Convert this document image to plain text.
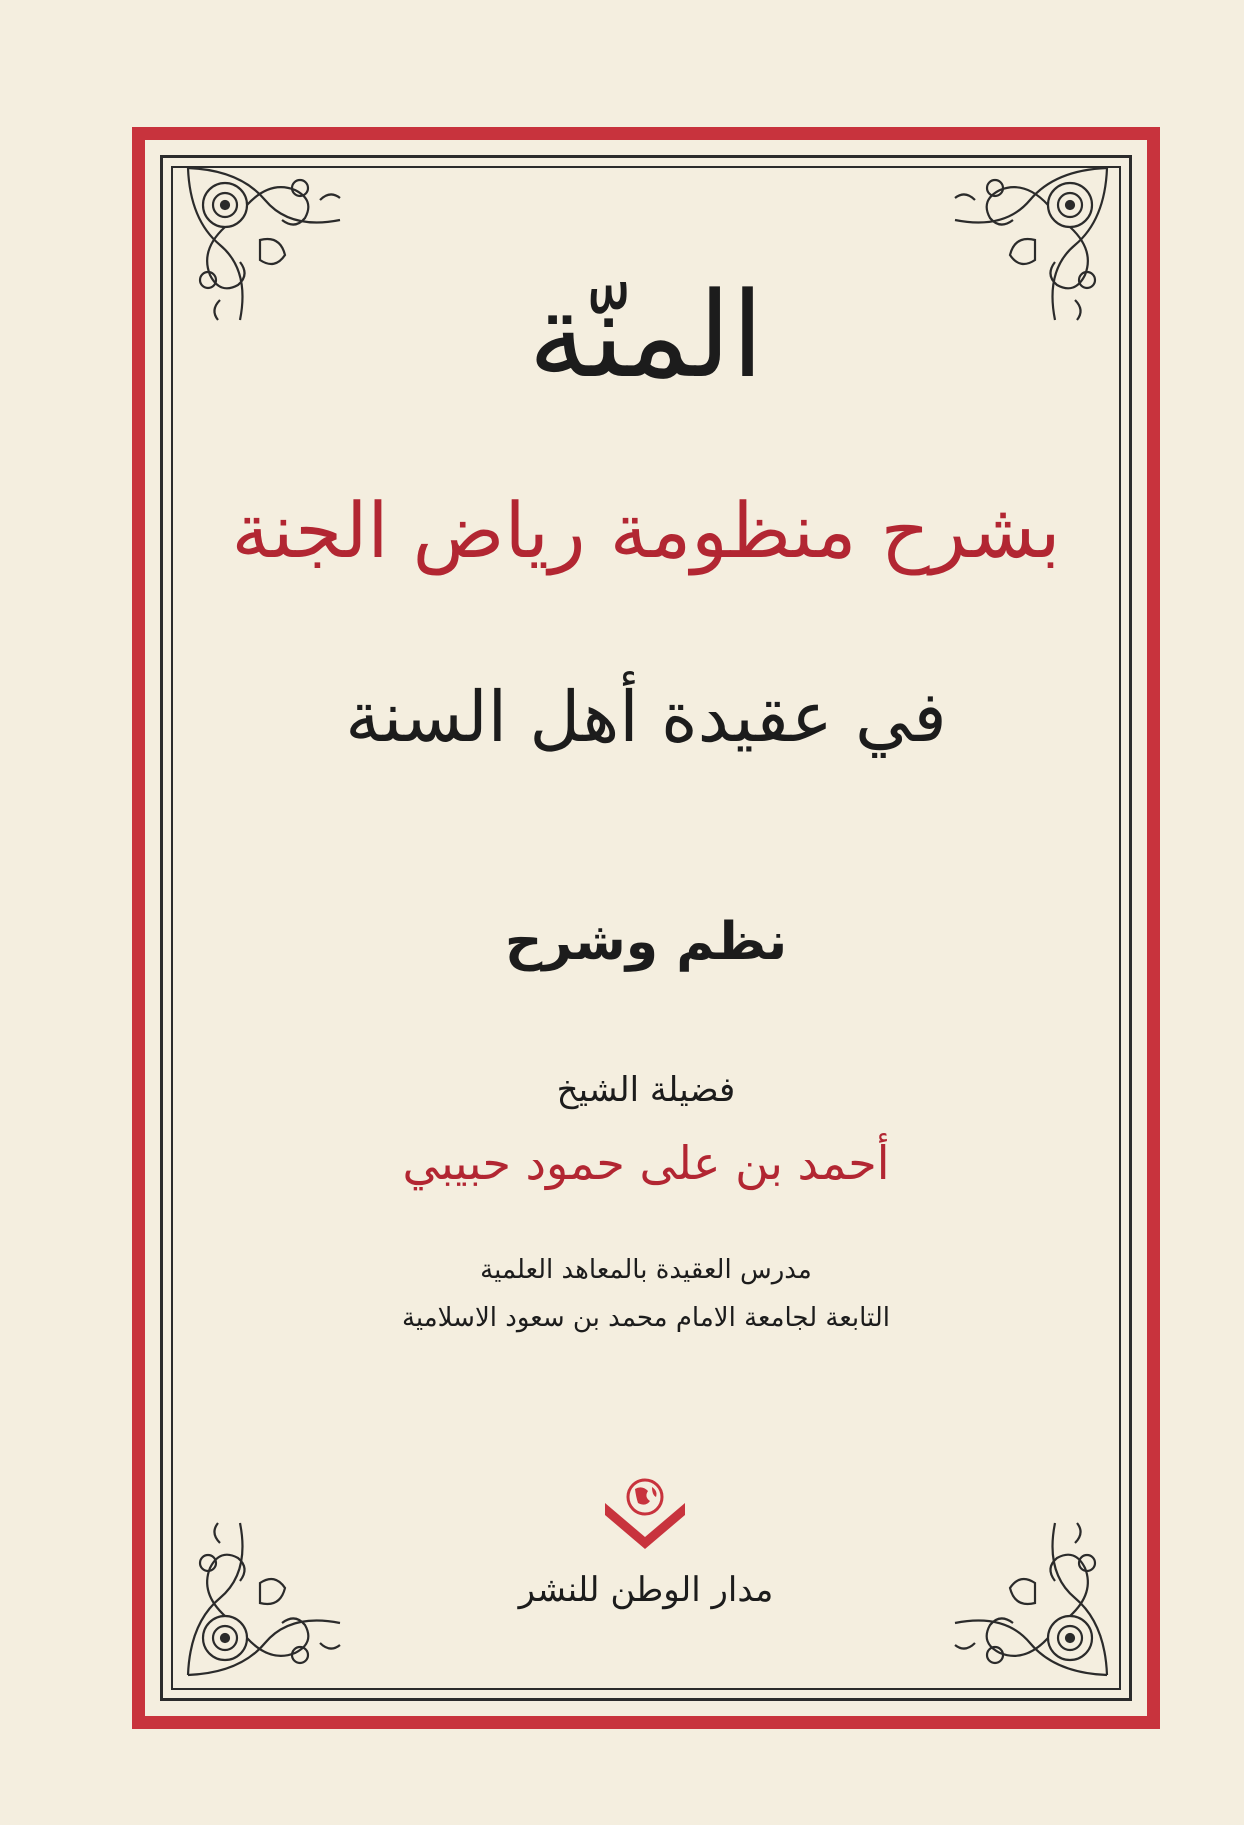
المنّة
بشرح منظومة رياض الجنة
في عقيدة أهل السنة
نظم وشرح
فضيلة الشيخ
أحمد بن على حمود حبيبي
مدرس العقيدة بالمعاهد العلمية
التابعة لجامعة الامام محمد بن سعود الاسلامية
مدار الوطن للنشر
